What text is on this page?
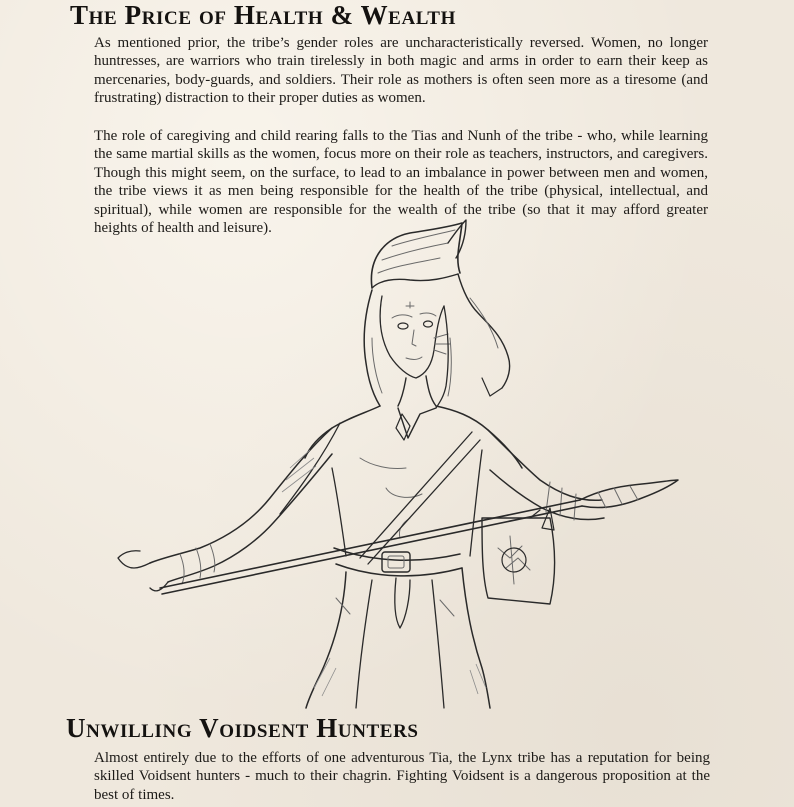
The Price of Health & Wealth

As mentioned prior, the tribe’s gender roles are uncharacteristically reversed. Women, no longer huntresses, are warriors who train tirelessly in both magic and arms in order to earn their keep as mercenaries, body-guards, and soldiers. Their role as mothers is often seen more as a tiresome (and frustrating) distraction to their proper duties as women.

The role of caregiving and child rearing falls to the Tias and Nunh of the tribe - who, while learning the same martial skills as the women, focus more on their role as teachers, instructors, and caregivers. Though this might seem, on the surface, to lead to an imbalance in power between men and women, the tribe views it as men being responsible for the health of the tribe (physical, intellectual, and spiritual), while women are responsible for the wealth of the tribe (so that it may afford greater heights of health and leisure).

Unwilling Voidsent Hunters

Almost entirely due to the efforts of one adventurous Tia, the Lynx tribe has a reputation for being skilled Voidsent hunters - much to their chagrin. Fighting Voidsent is a dangerous proposition at the best of times.
